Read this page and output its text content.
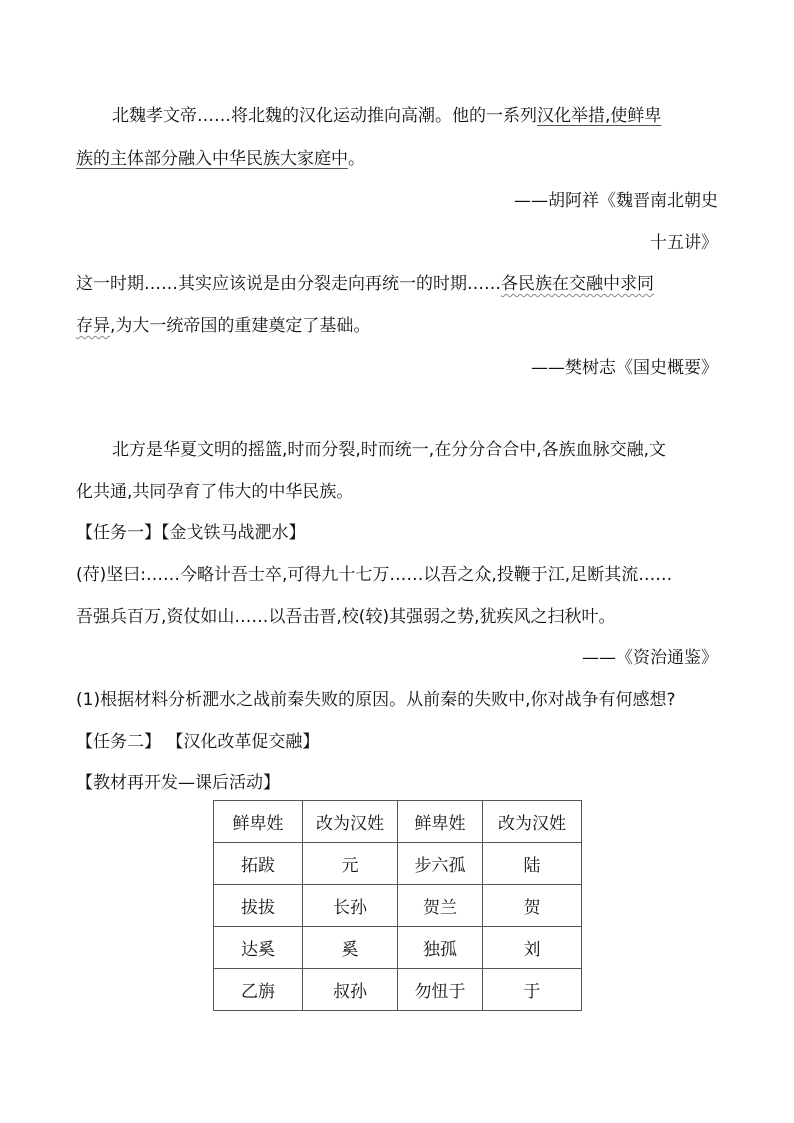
北魏孝文帝……将北魏的汉化运动推向高潮。他的一系列汉化举措,使鲜卑
族的主体部分融入中华民族大家庭中。
——胡阿祥《魏晋南北朝史
十五讲》
这一时期……其实应该说是由分裂走向再统一的时期……各民族在交融中求同
存异,为大一统帝国的重建奠定了基础。
——樊树志《国史概要》
北方是华夏文明的摇篮,时而分裂,时而统一,在分分合合中,各族血脉交融,文
化共通,共同孕育了伟大的中华民族。
【任务一】【金戈铁马战淝水】
(苻)坚曰:……今略计吾士卒,可得九十七万……以吾之众,投鞭于江,足断其流……
吾强兵百万,资仗如山……以吾击晋,校(较)其强弱之势,犹疾风之扫秋叶。
——《资治通鉴》
(1)根据材料分析淝水之战前秦失败的原因。从前秦的失败中,你对战争有何感想?
【任务二】 【汉化改革促交融】
【教材再开发—课后活动】
鲜卑姓	改为汉姓	鲜卑姓	改为汉姓
拓跋	元	步六孤	陆
拔拔	长孙	贺兰	贺
达奚	奚	独孤	刘
乙旃	叔孙	勿忸于	于
